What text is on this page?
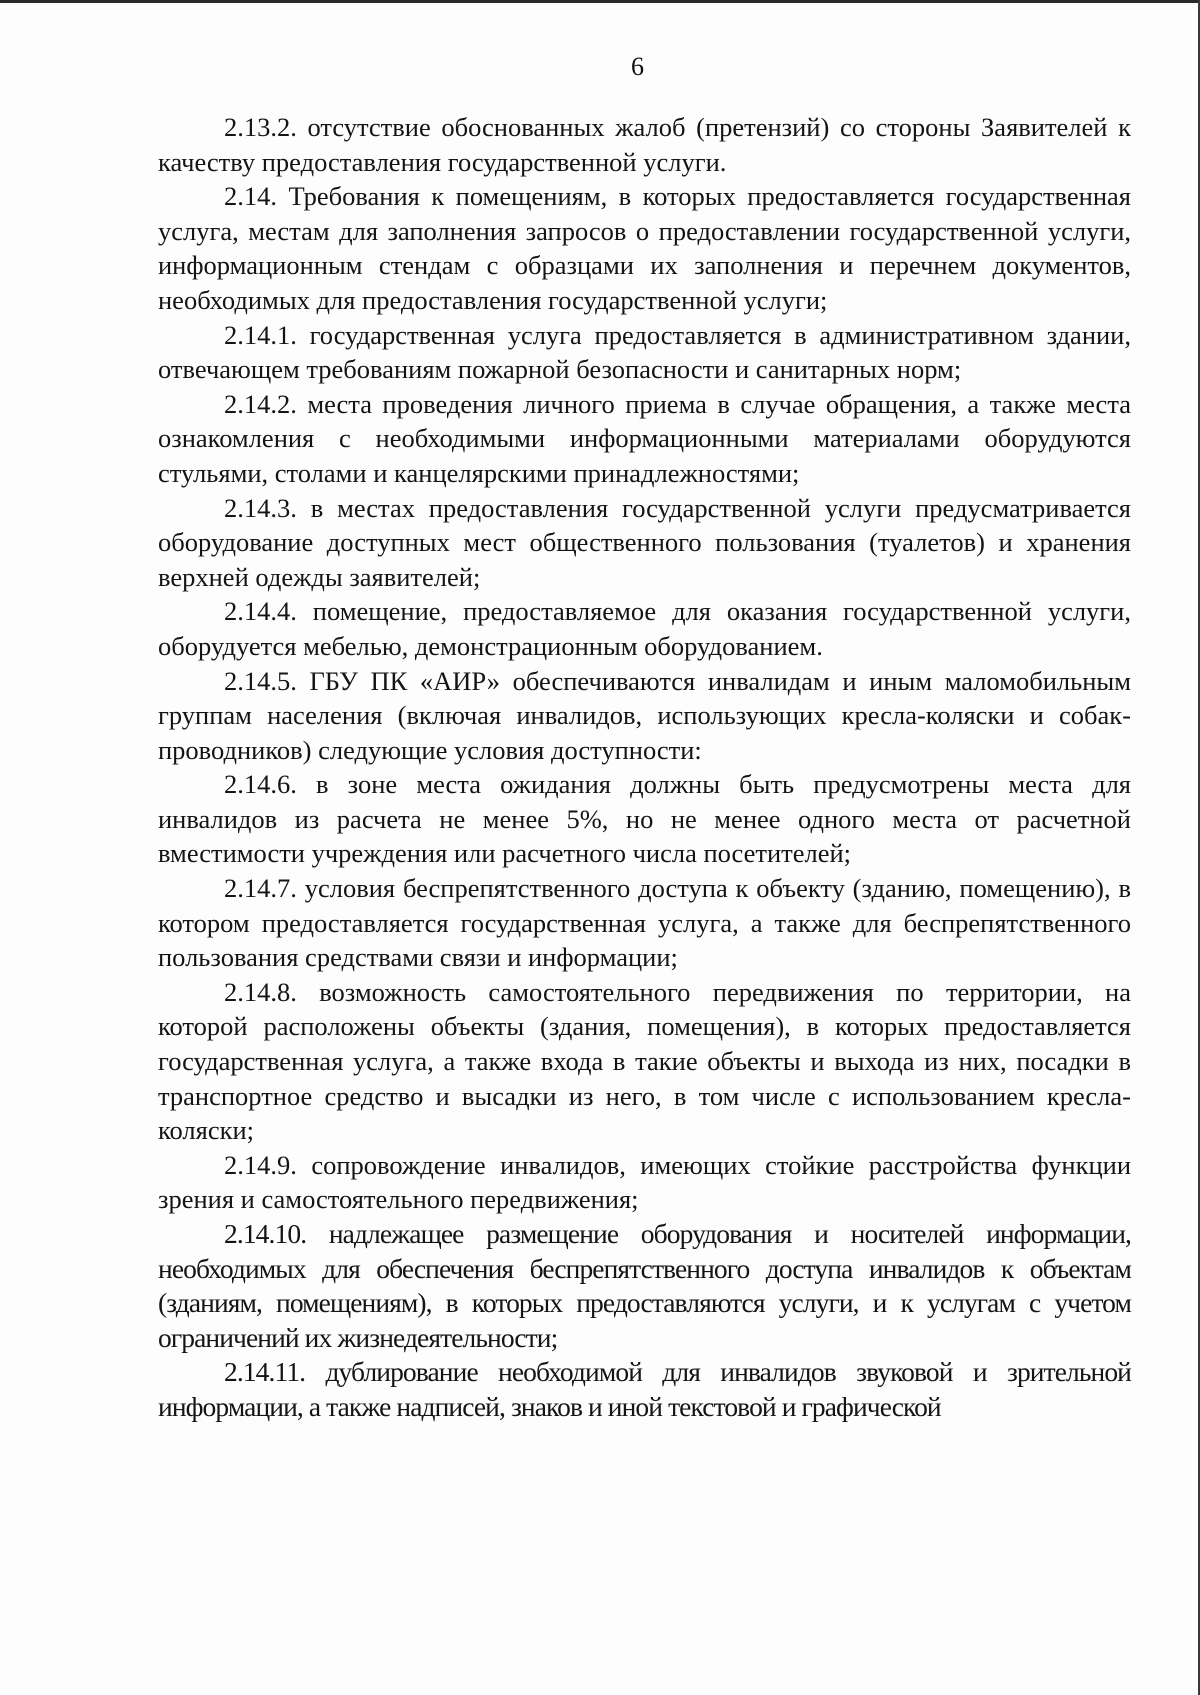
6

2.13.2. отсутствие обоснованных жалоб (претензий) со стороны Заявителей к качеству предоставления государственной услуги.

2.14. Требования к помещениям, в которых предоставляется государственная услуга, местам для заполнения запросов о предоставлении государственной услуги, информационным стендам с образцами их заполнения и перечнем документов, необходимых для предоставления государственной услуги;

2.14.1. государственная услуга предоставляется в административном здании, отвечающем требованиям пожарной безопасности и санитарных норм;

2.14.2. места проведения личного приема в случае обращения, а также места ознакомления с необходимыми информационными материалами оборудуются стульями, столами и канцелярскими принадлежностями;

2.14.3. в местах предоставления государственной услуги предусматривается оборудование доступных мест общественного пользования (туалетов) и хранения верхней одежды заявителей;

2.14.4. помещение, предоставляемое для оказания государственной услуги, оборудуется мебелью, демонстрационным оборудованием.

2.14.5. ГБУ ПК «АИР» обеспечиваются инвалидам и иным маломобильным группам населения (включая инвалидов, использующих кресла-коляски и собак-проводников) следующие условия доступности:

2.14.6. в зоне места ожидания должны быть предусмотрены места для инвалидов из расчета не менее 5%, но не менее одного места от расчетной вместимости учреждения или расчетного числа посетителей;

2.14.7. условия беспрепятственного доступа к объекту (зданию, помещению), в котором предоставляется государственная услуга, а также для беспрепятственного пользования средствами связи и информации;

2.14.8. возможность самостоятельного передвижения по территории, на которой расположены объекты (здания, помещения), в которых предоставляется государственная услуга, а также входа в такие объекты и выхода из них, посадки в транспортное средство и высадки из него, в том числе с использованием кресла-коляски;

2.14.9. сопровождение инвалидов, имеющих стойкие расстройства функции зрения и самостоятельного передвижения;

2.14.10. надлежащее размещение оборудования и носителей информации, необходимых для обеспечения беспрепятственного доступа инвалидов к объектам (зданиям, помещениям), в которых предоставляются услуги, и к услугам с учетом ограничений их жизнедеятельности;

2.14.11. дублирование необходимой для инвалидов звуковой и зрительной информации, а также надписей, знаков и иной текстовой и графической
